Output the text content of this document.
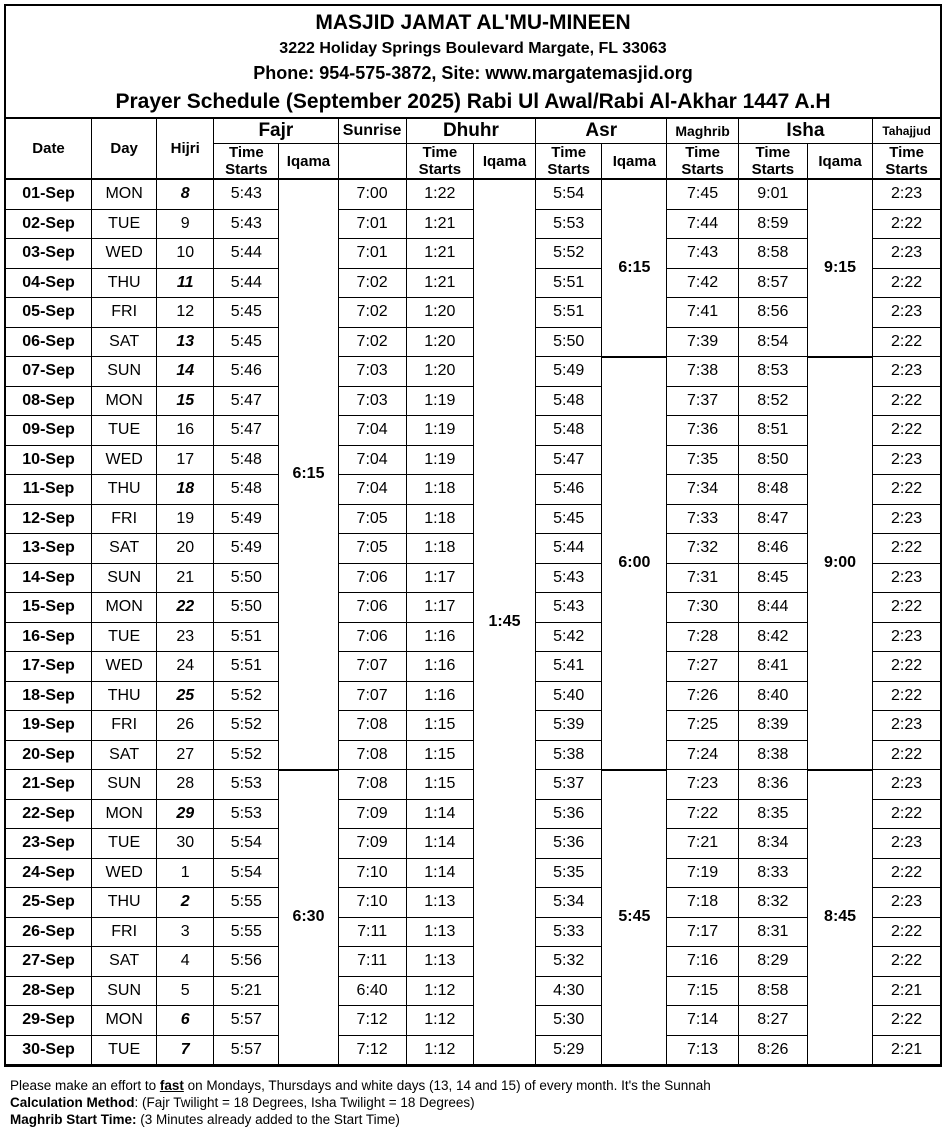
MASJID JAMAT AL'MU-MINEEN
3222 Holiday Springs Boulevard Margate, FL 33063
Phone: 954-575-3872, Site: www.margatemasjid.org
Prayer Schedule (September 2025) Rabi Ul Awal/Rabi Al-Akhar 1447 A.H
Date	Day	Hijri	Fajr		Sunrise	Dhuhr		Asr		Maghrib	Isha		Tahajjud
			Time Starts	Iqama		Time Starts	Iqama	Time Starts	Iqama	Time Starts	Time Starts	Iqama	Time Starts
01-Sep	MON	8	5:43	6:15	7:00	1:22	1:45	5:54	6:15	7:45	9:01	9:15	2:23
02-Sep	TUE	9	5:43		7:01	1:21		5:53		7:44	8:59		2:22
03-Sep	WED	10	5:44		7:01	1:21		5:52		7:43	8:58		2:23
04-Sep	THU	11	5:44		7:02	1:21		5:51		7:42	8:57		2:22
05-Sep	FRI	12	5:45		7:02	1:20		5:51		7:41	8:56		2:23
06-Sep	SAT	13	5:45		7:02	1:20		5:50		7:39	8:54		2:22
07-Sep	SUN	14	5:46		7:03	1:20		5:49	6:00	7:38	8:53	9:00	2:23
08-Sep	MON	15	5:47		7:03	1:19		5:48		7:37	8:52		2:22
09-Sep	TUE	16	5:47		7:04	1:19		5:48		7:36	8:51		2:22
10-Sep	WED	17	5:48		7:04	1:19		5:47		7:35	8:50		2:23
11-Sep	THU	18	5:48		7:04	1:18		5:46		7:34	8:48		2:22
12-Sep	FRI	19	5:49		7:05	1:18		5:45		7:33	8:47		2:23
13-Sep	SAT	20	5:49		7:05	1:18		5:44		7:32	8:46		2:22
14-Sep	SUN	21	5:50		7:06	1:17		5:43		7:31	8:45		2:23
15-Sep	MON	22	5:50		7:06	1:17		5:43		7:30	8:44		2:22
16-Sep	TUE	23	5:51		7:06	1:16		5:42		7:28	8:42		2:23
17-Sep	WED	24	5:51		7:07	1:16		5:41		7:27	8:41		2:22
18-Sep	THU	25	5:52		7:07	1:16		5:40		7:26	8:40		2:22
19-Sep	FRI	26	5:52		7:08	1:15		5:39		7:25	8:39		2:23
20-Sep	SAT	27	5:52		7:08	1:15		5:38		7:24	8:38		2:22
21-Sep	SUN	28	5:53	6:30	7:08	1:15		5:37	5:45	7:23	8:36	8:45	2:23
22-Sep	MON	29	5:53		7:09	1:14		5:36		7:22	8:35		2:22
23-Sep	TUE	30	5:54		7:09	1:14		5:36		7:21	8:34		2:23
24-Sep	WED	1	5:54		7:10	1:14		5:35		7:19	8:33		2:22
25-Sep	THU	2	5:55		7:10	1:13		5:34		7:18	8:32		2:23
26-Sep	FRI	3	5:55		7:11	1:13		5:33		7:17	8:31		2:22
27-Sep	SAT	4	5:56		7:11	1:13		5:32		7:16	8:29		2:22
28-Sep	SUN	5	5:21		6:40	1:12		4:30		7:15	8:58		2:21
29-Sep	MON	6	5:57		7:12	1:12		5:30		7:14	8:27		2:22
30-Sep	TUE	7	5:57		7:12	1:12		5:29		7:13	8:26		2:21
Please make an effort to fast on Mondays, Thursdays and white days (13, 14 and 15) of every month. It's the Sunnah
Calculation Method: (Fajr Twilight = 18 Degrees, Isha Twilight = 18 Degrees)
Maghrib Start Time: (3 Minutes already added to the Start Time)
